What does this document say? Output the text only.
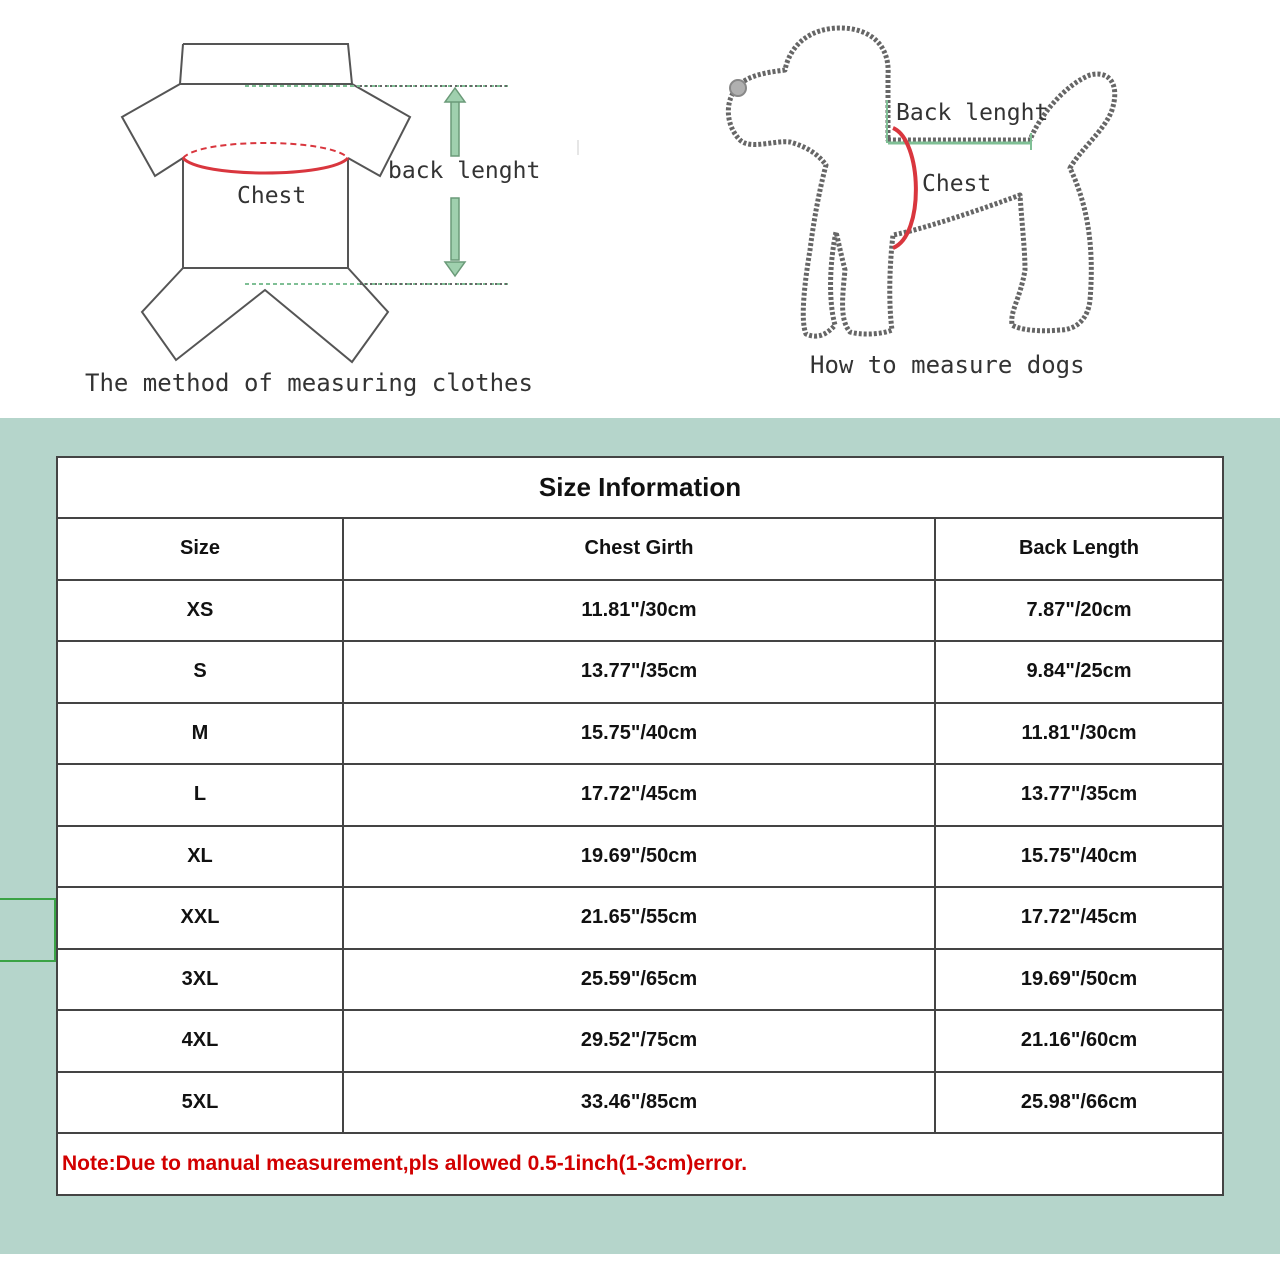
Chest
back lenght
The method of measuring clothes
Back lenght
Chest
How to measure dogs
Size Information		
Size	Chest Girth	Back Length
XS	11.81"/30cm	7.87"/20cm
S	13.77"/35cm	9.84"/25cm
M	15.75"/40cm	11.81"/30cm
L	17.72"/45cm	13.77"/35cm
XL	19.69"/50cm	15.75"/40cm
XXL	21.65"/55cm	17.72"/45cm
3XL	25.59"/65cm	19.69"/50cm
4XL	29.52"/75cm	21.16"/60cm
5XL	33.46"/85cm	25.98"/66cm
Note:Due to manual measurement,pls allowed 0.5-1inch(1-3cm)error.		
